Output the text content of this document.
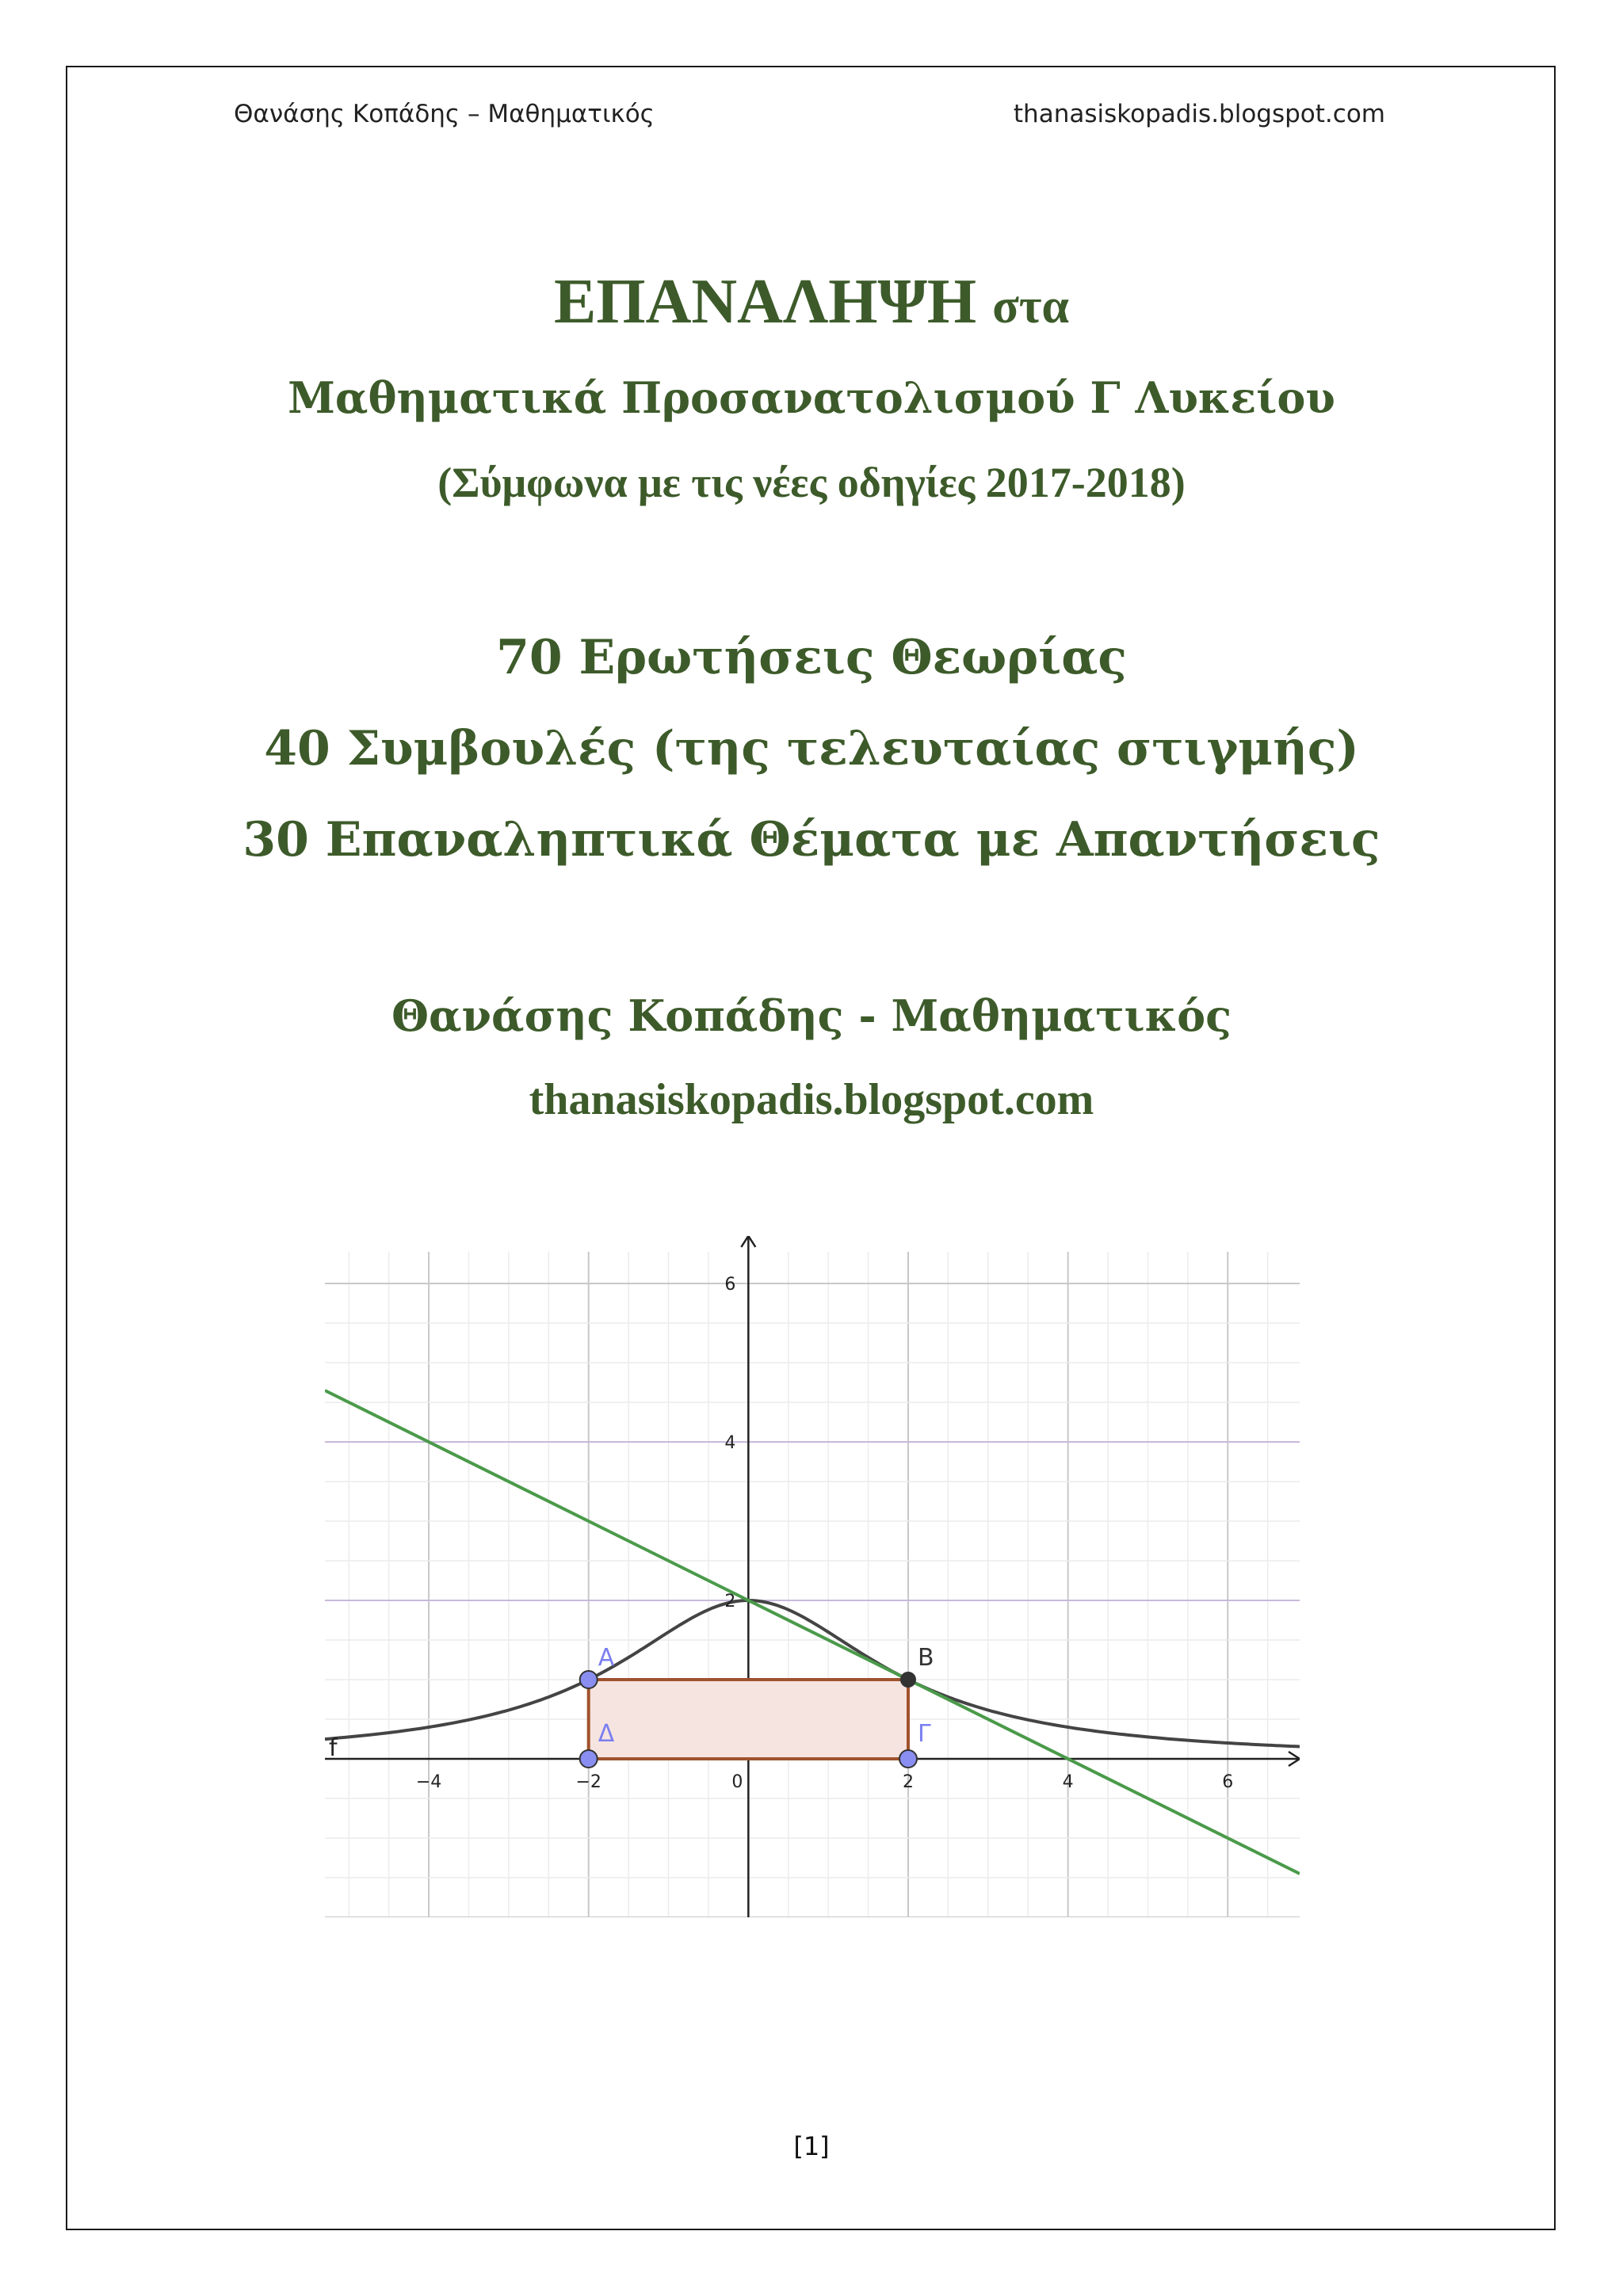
Θανάσης Κοπάδης – Μαθηματικός	thanasiskopadis.blogspot.com
ΕΠΑΝΑΛΗΨΗ στα
Μαθηματικά Προσανατολισμού Γ Λυκείου
(Σύμφωνα με τις νέες οδηγίες 2017-2018)
70 Ερωτήσεις Θεωρίας
40 Συμβουλές (της τελευταίας στιγμής)
30 Επαναληπτικά Θέματα με Απαντήσεις
Θανάσης Κοπάδης - Μαθηματικός
thanasiskopadis.blogspot.com
−4	−2	0	2	4	6
6
4
2
f
Α	Β
Γ
Δ
[1]
